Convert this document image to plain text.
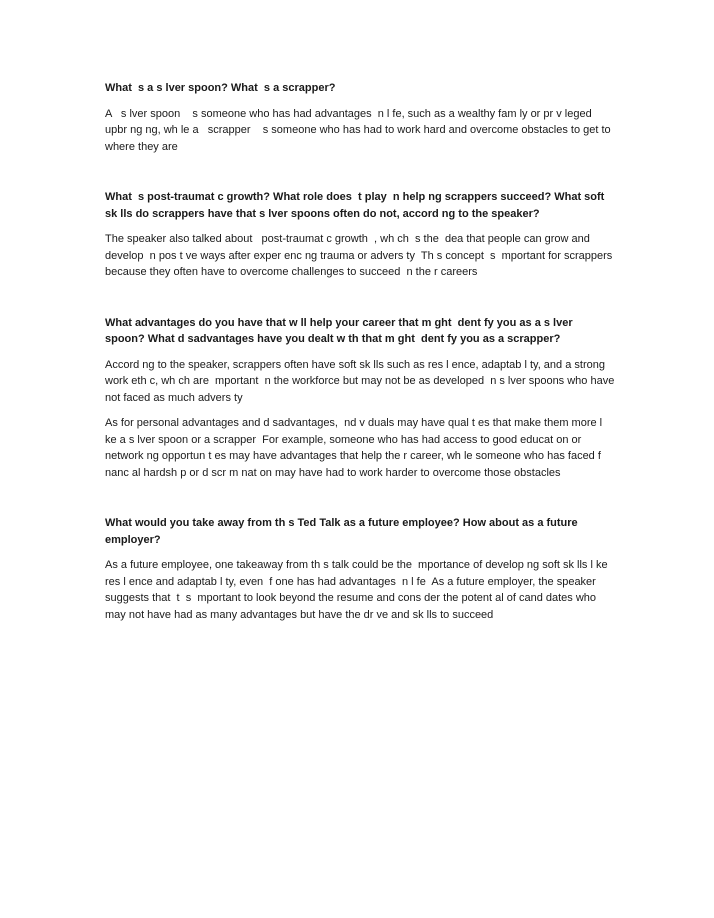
What  s a s lver spoon? What  s a scrapper?

A   s lver spoon    s someone who has had advantages  n l fe, such as a wealthy fam ly or pr v leged upbr ng ng, wh le a   scrapper    s someone who has had to work hard and overcome obstacles to get to where they are

What  s post-traumat c growth? What role does  t play  n help ng scrappers succeed? What soft sk lls do scrappers have that s lver spoons often do not, accord ng to the speaker?

The speaker also talked about   post-traumat c growth  , wh ch  s the  dea that people can grow and develop  n pos t ve ways after exper enc ng trauma or advers ty  Th s concept  s  mportant for scrappers because they often have to overcome challenges to succeed  n the r careers

What advantages do you have that w ll help your career that m ght  dent fy you as a s lver spoon? What d sadvantages have you dealt w th that m ght  dent fy you as a scrapper?

Accord ng to the speaker, scrappers often have soft sk lls such as res l ence, adaptab l ty, and a strong work eth c, wh ch are  mportant  n the workforce but may not be as developed  n s lver spoons who have not faced as much advers ty

As for personal advantages and d sadvantages,  nd v duals may have qual t es that make them more l ke a s lver spoon or a scrapper  For example, someone who has had access to good educat on or network ng opportun t es may have advantages that help the r career, wh le someone who has faced f nanc al hardsh p or d scr m nat on may have had to work harder to overcome those obstacles

What would you take away from th s Ted Talk as a future employee? How about as a future employer?

As a future employee, one takeaway from th s talk could be the  mportance of develop ng soft sk lls l ke res l ence and adaptab l ty, even  f one has had advantages  n l fe  As a future employer, the speaker suggests that  t  s  mportant to look beyond the resume and cons der the potent al of cand dates who may not have had as many advantages but have the dr ve and sk lls to succeed
